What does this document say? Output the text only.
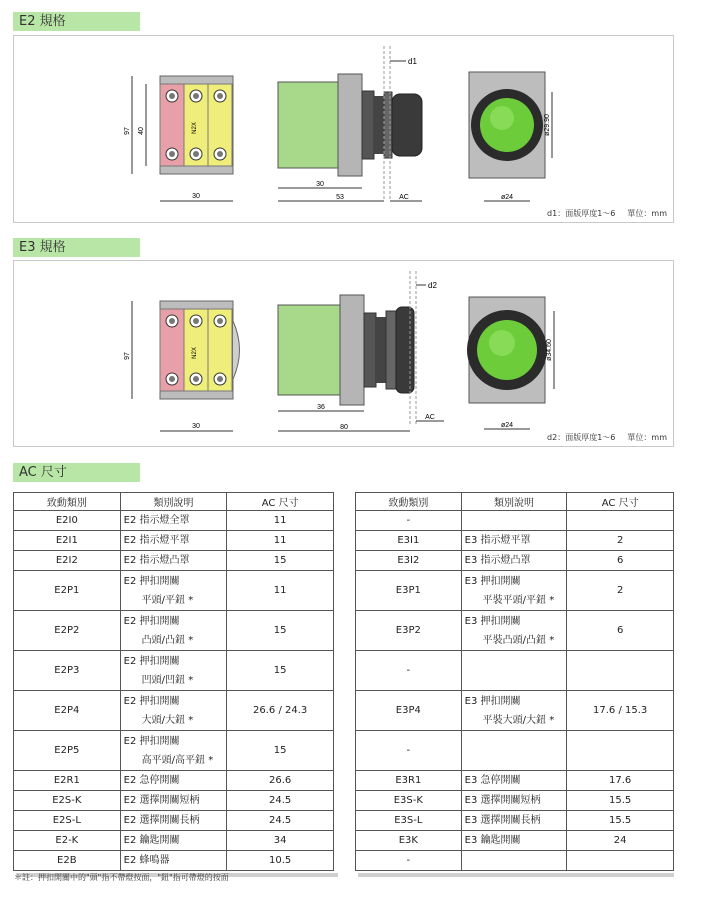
E2 規格
E3 規格
AC 尺寸
N2X
97 40
30
d1
30
53	AC
ø29.90
ø24
d1：面版厚度1～6 單位：mm
N2X
97
30
d2
36
80
AC
ø34.60
ø24
d2：面版厚度1～6 單位：mm
致動類別	類別說明	AC 尺寸
E2I0	E2 指示燈全罩	11
E2I1	E2 指示燈平罩	11
E2I2	E2 指示燈凸罩	15
E2P1	E2 押扣開關
平頭/平鈕 *	11
E2P2	E2 押扣開關
凸頭/凸鈕 *	15
E2P3	E2 押扣開關
凹頭/凹鈕 *	15
E2P4	E2 押扣開關
大頭/大鈕 *	26.6 / 24.3
E2P5	E2 押扣開關
高平頭/高平鈕 *	15
E2R1	E2 急停開關	26.6
E2S-K	E2 選擇開關短柄	24.5
E2S-L	E2 選擇開關長柄	24.5
E2-K	E2 鑰匙開關	34
E2B	E2 蜂鳴器	10.5
致動類別	類別說明	AC 尺寸
-		
E3I1	E3 指示燈平罩	2
E3I2	E3 指示燈凸罩	6
E3P1	E3 押扣開關
平裝平頭/平鈕 *	2
E3P2	E3 押扣開關
平裝凸頭/凸鈕 *	6
-		
E3P4	E3 押扣開關
平裝大頭/大鈕 *	17.6 / 15.3
-		
E3R1	E3 急停開關	17.6
E3S-K	E3 選擇開關短柄	15.5
E3S-L	E3 選擇開關長柄	15.5
E3K	E3 鑰匙開關	24
-		
＊註：押扣開關中的"頭"指不帶燈按面，"鈕"指可帶燈的按面
